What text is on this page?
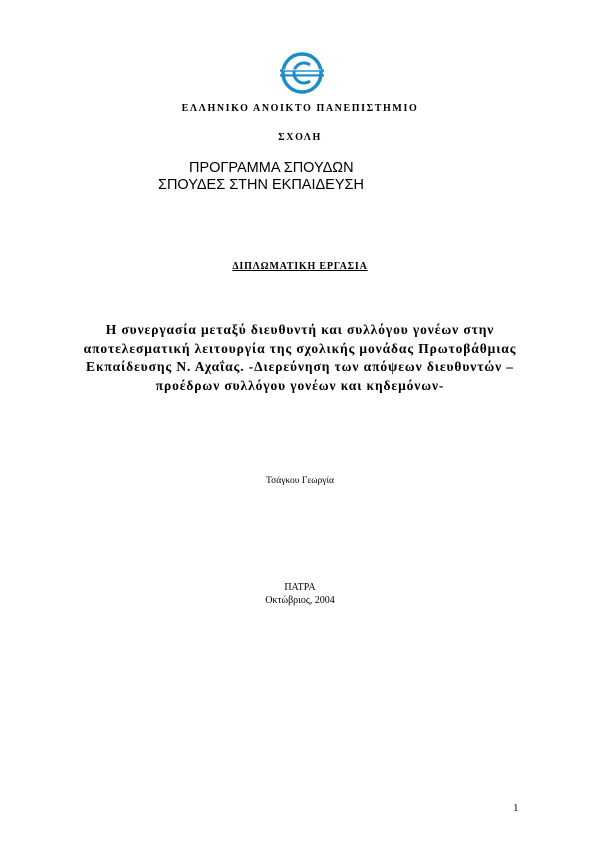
ΕΛΛΗΝΙΚΟ ΑΝΟΙΚΤΟ ΠΑΝΕΠΙΣΤΗΜΙΟ
ΣΧΟΛΗ
ΠΡΟΓΡΑΜΜΑ ΣΠΟΥΔΩΝ
ΣΠΟΥΔΕΣ ΣΤΗΝ ΕΚΠΑΙΔΕΥΣΗ
ΔΙΠΛΩΜΑΤΙΚΗ ΕΡΓΑΣΙΑ
Η συνεργασία μεταξύ διευθυντή και συλλόγου γονέων στην
αποτελεσματική λειτουργία της σχολικής μονάδας Πρωτοβάθμιας
Εκπαίδευσης Ν. Αχαΐας. -Διερεύνηση των απόψεων διευθυντών –
προέδρων συλλόγου γονέων και κηδεμόνων-
Τσάγκου Γεωργία
ΠΑΤΡΑ
Οκτώβριος, 2004
1
